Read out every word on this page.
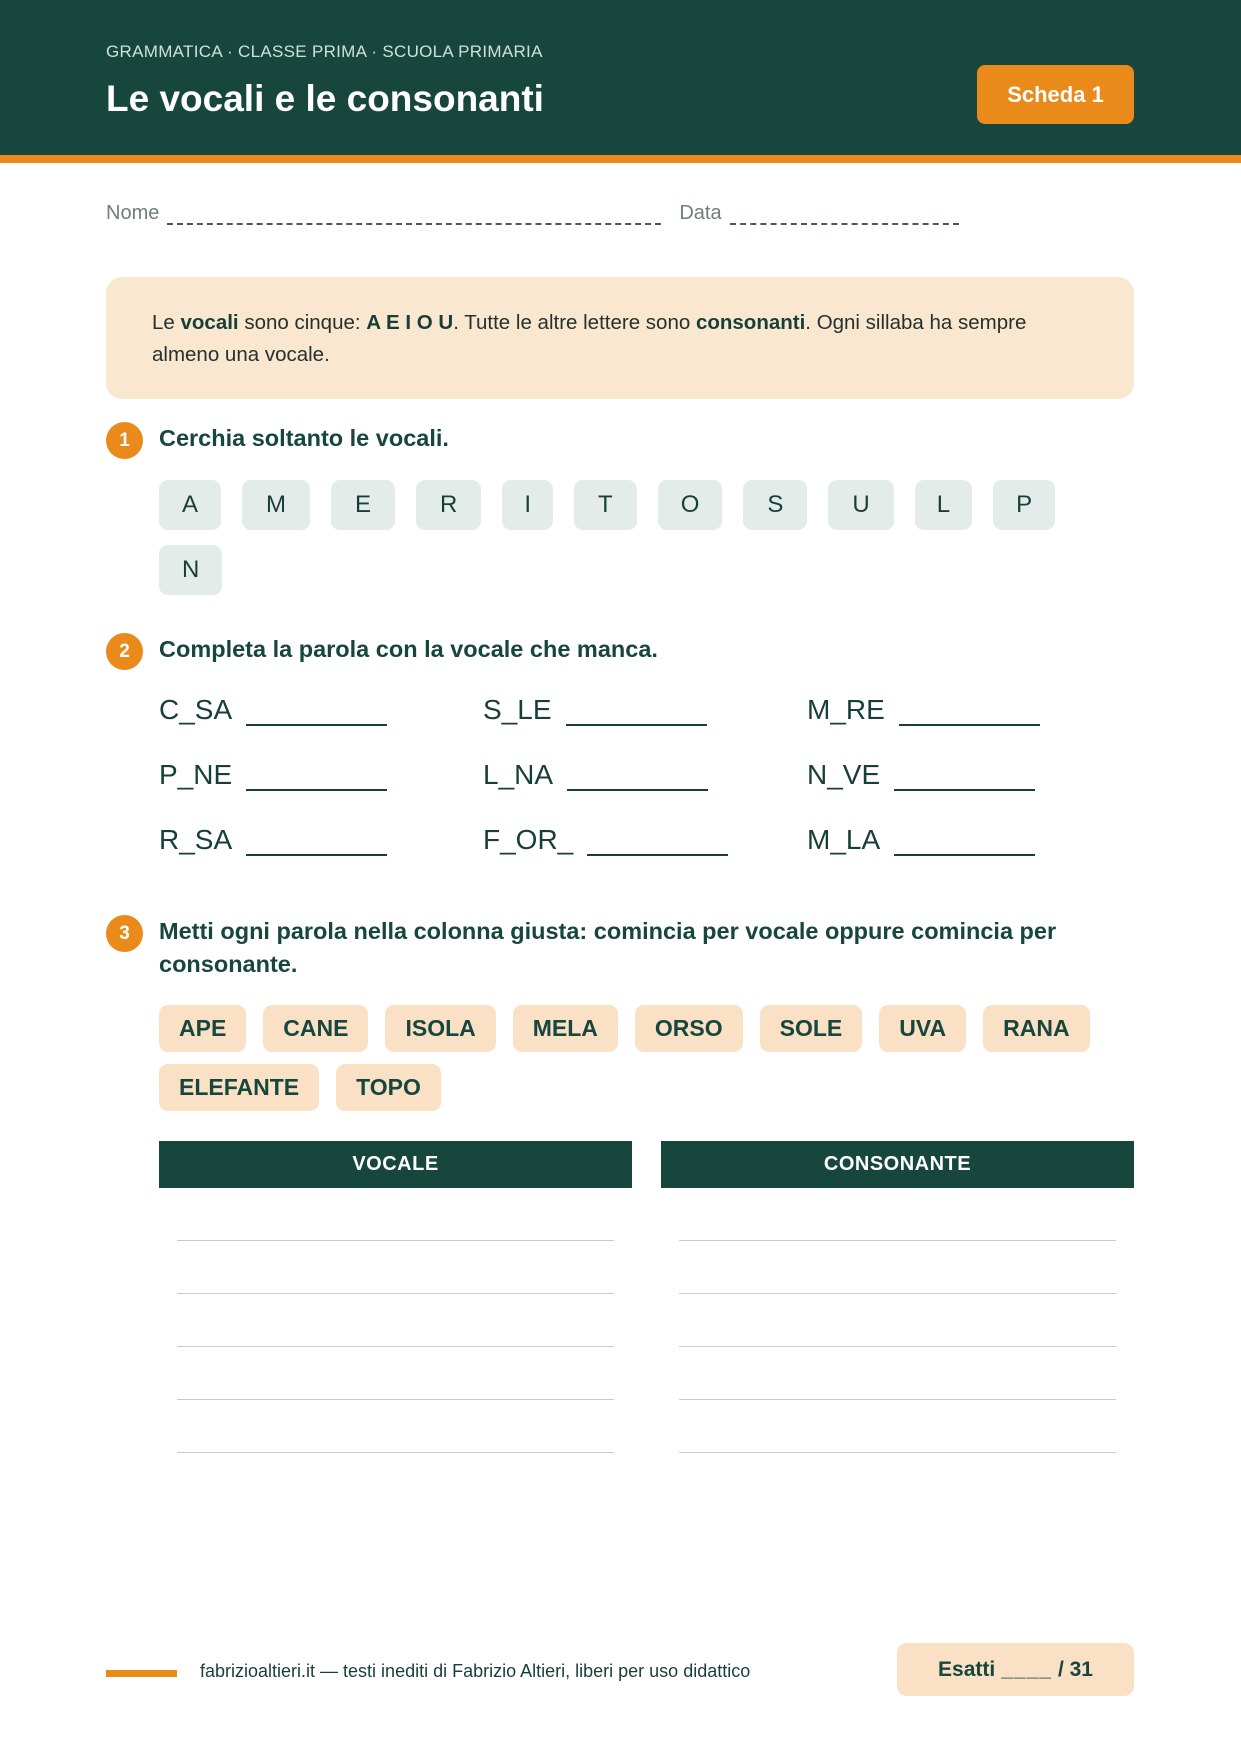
GRAMMATICA · CLASSE PRIMA · SCUOLA PRIMARIA
Le vocali e le consonanti	Scheda 1
Nome	Data
Le vocali sono cinque: A E I O U. Tutte le altre lettere sono consonanti. Ogni sillaba ha sempre almeno una vocale.
1	Cerchia soltanto le vocali.
A	M	E	R	I	T	O	S	U	L	P
N
2	Completa la parola con la vocale che manca.
C_SA	S_LE	M_RE
P_NE	L_NA	N_VE
R_SA	F_OR_	M_LA
3	Metti ogni parola nella colonna giusta: comincia per vocale oppure comincia per consonante.
APE	CANE	ISOLA	MELA	ORSO	SOLE	UVA	RANA
ELEFANTE	TOPO
VOCALE	CONSONANTE
fabrizioaltieri.it — testi inediti di Fabrizio Altieri, liberi per uso didattico	Esatti ____ / 31
